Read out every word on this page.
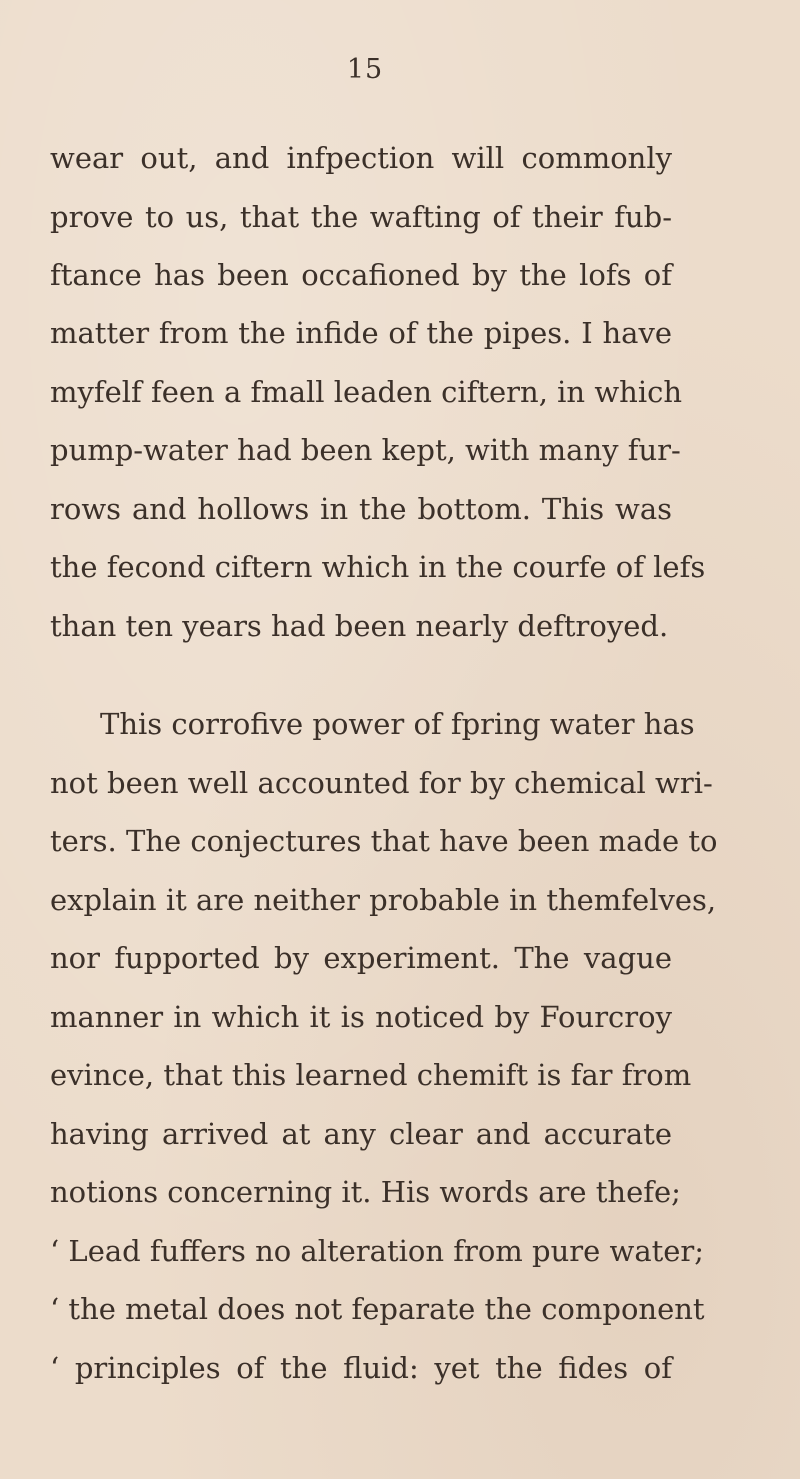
15
wear out, and infpection will commonly
prove to us, that the wafting of their fub-
ftance has been occafioned by the lofs of
matter from the infide of the pipes. I have
myfelf feen a fmall leaden ciftern, in which
pump-water had been kept, with many fur-
rows and hollows in the bottom. This was
the fecond ciftern which in the courfe of lefs
than ten years had been nearly deftroyed.
This corrofive power of fpring water has
not been well accounted for by chemical wri-
ters. The conjectures that have been made to
explain it are neither probable in themfelves,
nor fupported by experiment. The vague
manner in which it is noticed by Fourcroy
evince, that this learned chemift is far from
having arrived at any clear and accurate
notions concerning it. His words are thefe;
‘ Lead fuffers no alteration from pure water;
‘ the metal does not feparate the component
‘ principles of the fluid: yet the fides of
